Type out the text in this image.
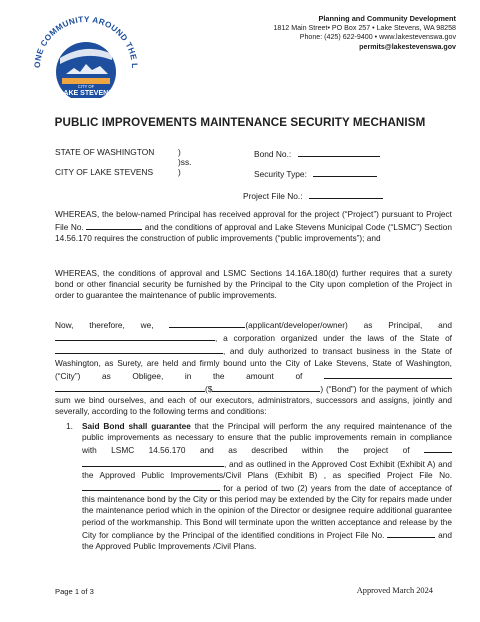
ONE COMMUNITY AROUND THE L
CITY OF
LAKE STEVENS
Planning and Community Development
1812 Main Street• PO Box 257 • Lake Stevens, WA 98258
Phone: (425) 622-9400 • www.lakestevenswa.gov
permits@lakestevenswa.gov
PUBLIC IMPROVEMENTS MAINTENANCE SECURITY MECHANISM
STATE OF WASHINGTON	)
)ss.
CITY OF LAKE STEVENS	)
Bond No.:
Security Type:
Project File No.:
WHEREAS, the below-named Principal has received approval for the project (“Project”) pursuant to Project File No.	and the conditions of approval and Lake Stevens Municipal Code (“LSMC”) Section 14.56.170 requires the construction of public improvements (“public improvements”); and
WHEREAS, the conditions of approval and LSMC Sections 14.16A.180(d) further requires that a surety bond or other financial security be furnished by the Principal to the City upon completion of the Project in order to guarantee the maintenance of public improvements.
Now, therefore, we,	(applicant/developer/owner) as Principal, and , a corporation organized under the laws of the State of , and duly authorized to transact business in the State of Washington, as Surety, are held and firmly bound unto the City of Lake Stevens, State of Washington, (“City”) as Obligee, in the amount of  ($	) (“Bond”) for the payment of which sum we bind ourselves, and each of our executors, administrators, successors and assigns, jointly and severally, according to the following terms and conditions:
1. Said Bond shall guarantee that the Principal will perform the any required maintenance of the public improvements as necessary to ensure that the public improvements remain in compliance with LSMC 14.56.170 and as described within the project of  , and as outlined in the Approved Cost Exhibit (Exhibit A) and the Approved Public Improvements/Civil Plans (Exhibit B) , as specified Project File No.  for a period of two (2) years from the date of acceptance of this maintenance bond by the City or this period may be extended by the City for repairs made under the maintenance period which in the opinion of the Director or designee require additional guarantee period of the workmanship. This Bond will terminate upon the written acceptance and release by the City for compliance by the Principal of the identified conditions in Project File No.	and the Approved Public Improvements /Civil Plans.
Page 1 of 3	Approved March 2024
